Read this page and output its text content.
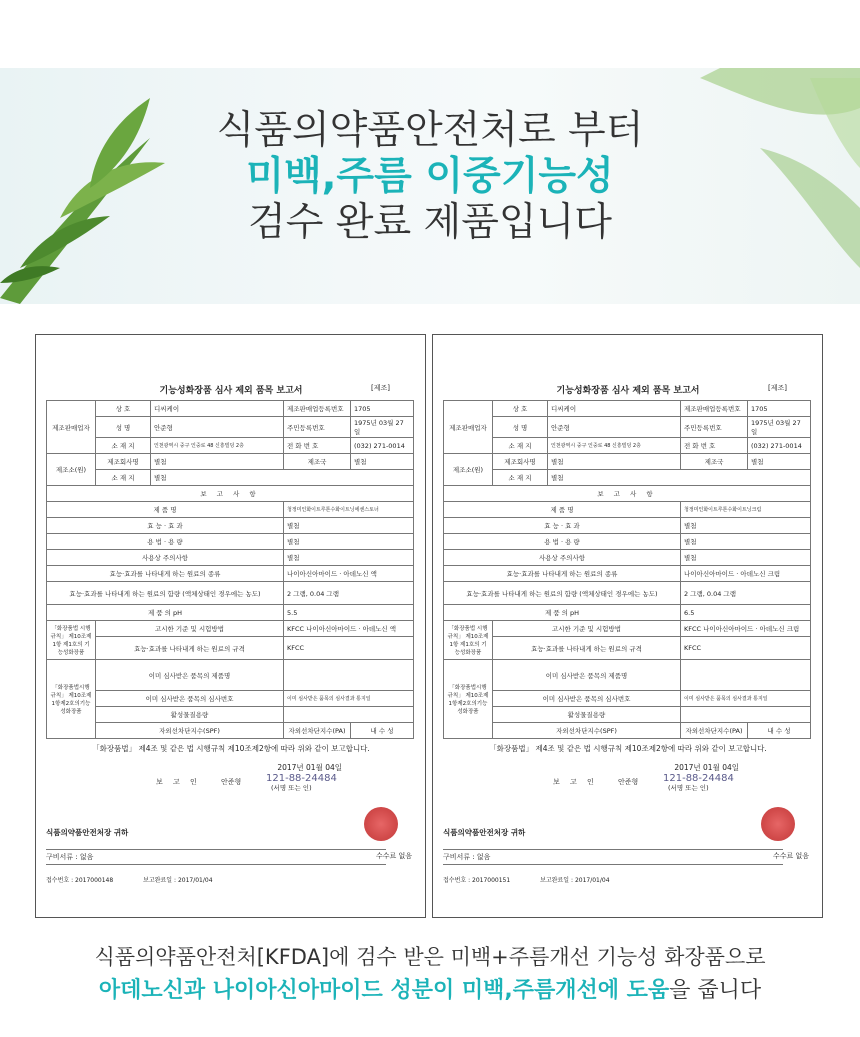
식품의약품안전처로 부터
미백,주름 이중기능성
검수 완료 제품입니다
기능성화장품 심사 제외 품목 보고서	[제조]
제조판매업자	상 호	디씨케이	제조판매업등록번호	1705
	성 명	안준형	주민등록번호	1975년 03월 27일
	소 재 지	인천광역시 중구 인중로 48 신흥빌딩 2층	전 화 번 호	(032) 271-0014
제조소(원)	제조회사명	별첨	제조국	별첨
	소 재 지	별첨		
보 고 사 항				
제 품 명			청정미인화이트루톤수화이트닝에센스토너	
효 능 · 효 과			별첨	
용 법 · 용 량			별첨	
사용상 주의사항			별첨	
효능·효과를 나타내게 하는 원료의 종류			나이아신아마이드 · 아데노신 액	
효능·효과를 나타내게 하는 원료의 함량 (액체상태인 경우에는 농도)			2 그램, 0.04 그램	
제 품 의 pH			5.5	
「화장품법 시행규칙」 제10조제1항 제1호의 기능성화장품	고시한 기준 및 시험방법		KFCC 나이아신아마이드 · 아데노신 액	
	효능·효과를 나타내게 하는 원료의 규격		KFCC	
「화장품법시행규칙」 제10조제1항제2호의기능성화장품	이미 심사받은 품목의 제품명			
	이미 심사받은 품목의 심사번호		이미 심사받은 품목의 심사결과 통지일	
	활성물질용량			
	자외선차단지수(SPF)		자외선차단지수(PA)	내 수 성
「화장품법」 제4조 및 같은 법 시행규칙 제10조제2항에 따라 위와 같이 보고합니다.
2017년 01월 04일
보 고 인	안준형 121-88-24484
(서명 또는 인)
식품의약품안전처장 귀하
구비서류 : 없음	수수료 없음
접수번호 : 2017000148	보고완료일 : 2017/01/04
기능성화장품 심사 제외 품목 보고서	[제조]
제조판매업자	상 호	디씨케이	제조판매업등록번호	1705
	성 명	안준형	주민등록번호	1975년 03월 27일
	소 재 지	인천광역시 중구 인중로 48 신흥빌딩 2층	전 화 번 호	(032) 271-0014
제조소(원)	제조회사명	별첨	제조국	별첨
	소 재 지	별첨		
보 고 사 항				
제 품 명			청정미인화이트루톤수화이트닝크림	
효 능 · 효 과			별첨	
용 법 · 용 량			별첨	
사용상 주의사항			별첨	
효능·효과를 나타내게 하는 원료의 종류			나이아신아마이드 · 아데노신 크림	
효능·효과를 나타내게 하는 원료의 함량 (액체상태인 경우에는 농도)			2 그램, 0.04 그램	
제 품 의 pH			6.5	
「화장품법 시행규칙」 제10조제1항 제1호의 기능성화장품	고시한 기준 및 시험방법		KFCC 나이아신아마이드 · 아데노신 크림	
	효능·효과를 나타내게 하는 원료의 규격		KFCC	
「화장품법시행규칙」 제10조제1항제2호의기능성화장품	이미 심사받은 품목의 제품명			
	이미 심사받은 품목의 심사번호		이미 심사받은 품목의 심사결과 통지일	
	활성물질용량			
	자외선차단지수(SPF)		자외선차단지수(PA)	내 수 성
「화장품법」 제4조 및 같은 법 시행규칙 제10조제2항에 따라 위와 같이 보고합니다.
2017년 01월 04일
보 고 인	안준형 121-88-24484
(서명 또는 인)
식품의약품안전처장 귀하
구비서류 : 없음	수수료 없음
접수번호 : 2017000151	보고완료일 : 2017/01/04
식품의약품안전처[KFDA]에 검수 받은 미백+주름개선 기능성 화장품으로
아데노신과 나이아신아마이드 성분이 미백,주름개선에 도움을 줍니다
